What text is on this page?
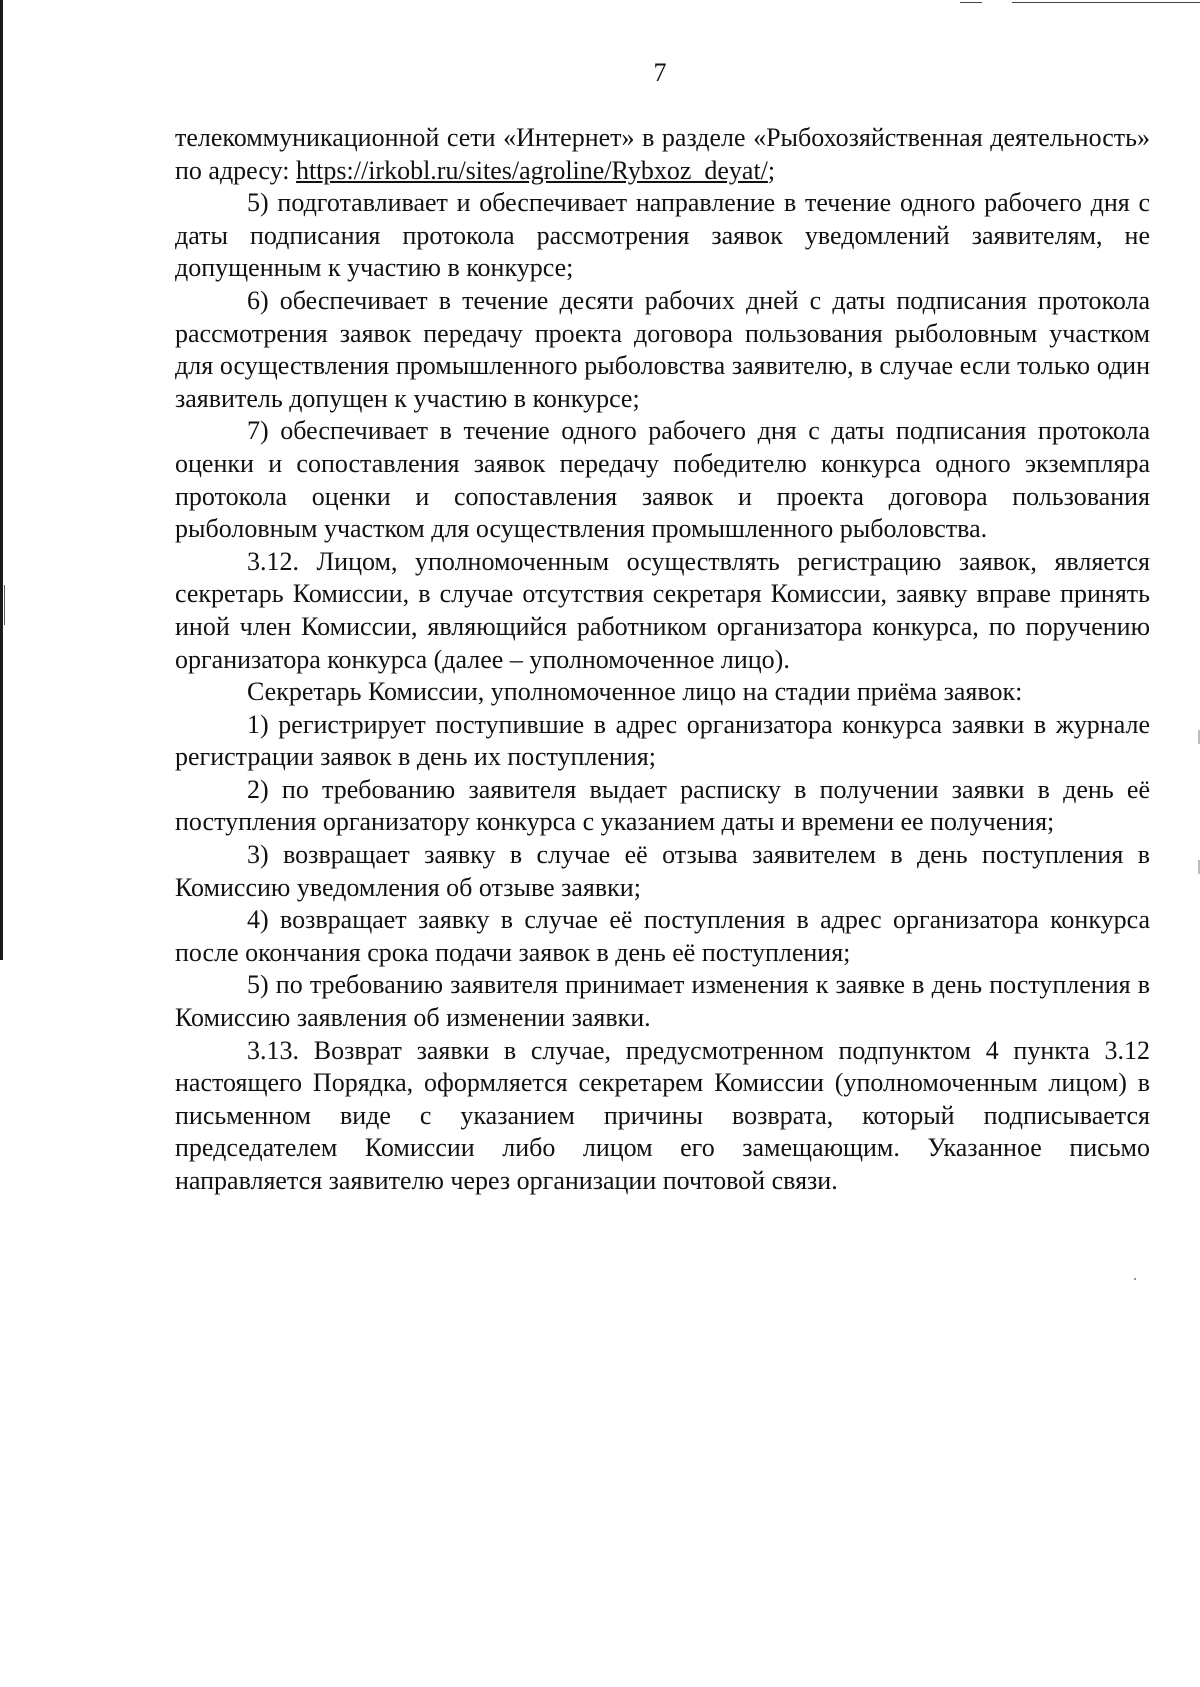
7

телекоммуникационной сети «Интернет» в разделе «Рыбохозяйственная деятельность» по адресу: https://irkobl.ru/sites/agroline/Rybxoz_deyat/;

5) подготавливает и обеспечивает направление в течение одного рабочего дня с даты подписания протокола рассмотрения заявок уведомлений заявителям, не допущенным к участию в конкурсе;

6) обеспечивает в течение десяти рабочих дней с даты подписания протокола рассмотрения заявок передачу проекта договора пользования рыболовным участком для осуществления промышленного рыболовства заявителю, в случае если только один заявитель допущен к участию в конкурсе;

7) обеспечивает в течение одного рабочего дня с даты подписания протокола оценки и сопоставления заявок передачу победителю конкурса одного экземпляра протокола оценки и сопоставления заявок и проекта договора пользования рыболовным участком для осуществления промышленного рыболовства.

3.12. Лицом, уполномоченным осуществлять регистрацию заявок, является секретарь Комиссии, в случае отсутствия секретаря Комиссии, заявку вправе принять иной член Комиссии, являющийся работником организатора конкурса, по поручению организатора конкурса (далее – уполномоченное лицо).

Секретарь Комиссии, уполномоченное лицо на стадии приёма заявок:

1) регистрирует поступившие в адрес организатора конкурса заявки в журнале регистрации заявок в день их поступления;

2) по требованию заявителя выдает расписку в получении заявки в день её поступления организатору конкурса с указанием даты и времени ее получения;

3) возвращает заявку в случае её отзыва заявителем в день поступления в Комиссию уведомления об отзыве заявки;

4) возвращает заявку в случае её поступления в адрес организатора конкурса после окончания срока подачи заявок в день её поступления;

5) по требованию заявителя принимает изменения к заявке в день поступления в Комиссию заявления об изменении заявки.

3.13. Возврат заявки в случае, предусмотренном подпунктом 4 пункта 3.12 настоящего Порядка, оформляется секретарем Комиссии (уполномоченным лицом) в письменном виде с указанием причины возврата, который подписывается председателем Комиссии либо лицом его замещающим. Указанное письмо направляется заявителю через организации почтовой связи.
